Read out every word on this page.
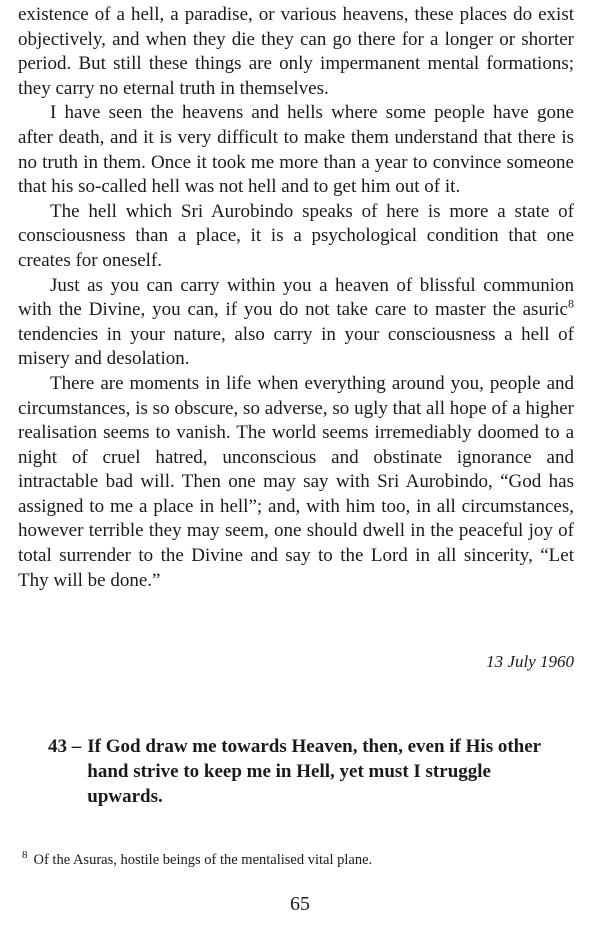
existence of a hell, a paradise, or various heavens, these places do exist objectively, and when they die they can go there for a longer or shorter period. But still these things are only impermanent mental formations; they carry no eternal truth in themselves.

I have seen the heavens and hells where some people have gone after death, and it is very difficult to make them understand that there is no truth in them. Once it took me more than a year to convince someone that his so-called hell was not hell and to get him out of it.

The hell which Sri Aurobindo speaks of here is more a state of consciousness than a place, it is a psychological condition that one creates for oneself.

Just as you can carry within you a heaven of blissful communion with the Divine, you can, if you do not take care to master the asuric$^8$ tendencies in your nature, also carry in your consciousness a hell of misery and desolation.

There are moments in life when everything around you, people and circumstances, is so obscure, so adverse, so ugly that all hope of a higher realisation seems to vanish. The world seems irremediably doomed to a night of cruel hatred, unconscious and obstinate ignorance and intractable bad will. Then one may say with Sri Aurobindo, “God has assigned to me a place in hell”; and, with him too, in all circumstances, however terrible they may seem, one should dwell in the peaceful joy of total surrender to the Divine and say to the Lord in all sincerity, “Let Thy will be done.”

13 July 1960
43 – If God draw me towards Heaven, then, even if His other hand strive to keep me in Hell, yet must I struggle upwards.
$^8$ Of the Asuras, hostile beings of the mentalised vital plane.
65
